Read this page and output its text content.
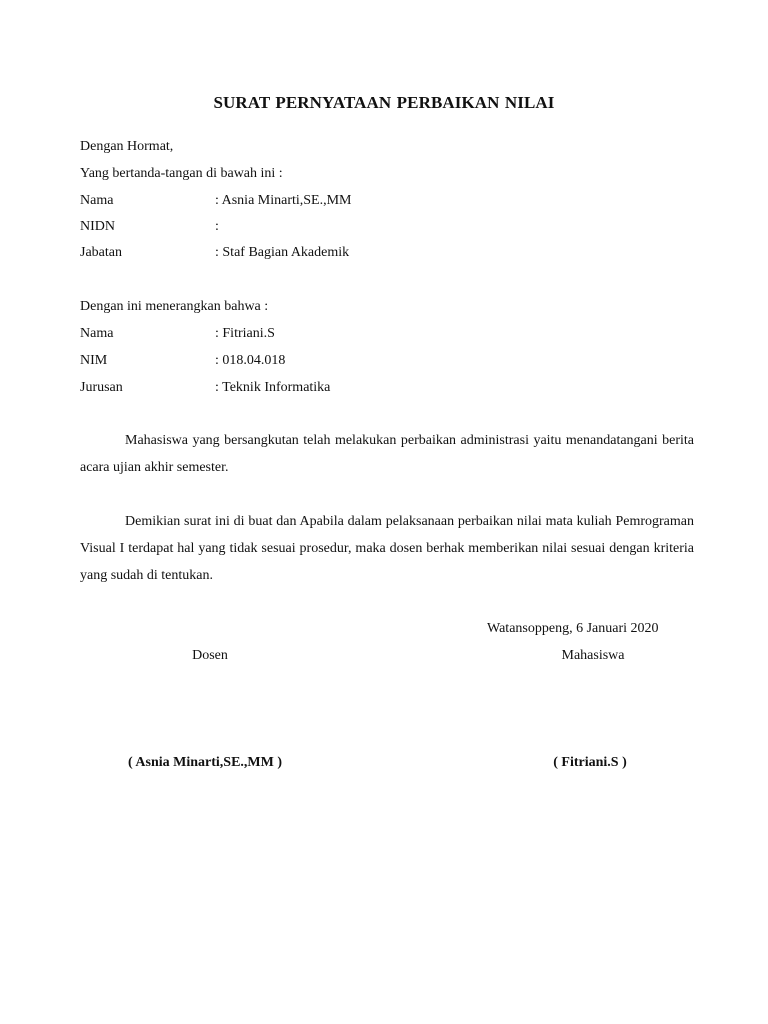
SURAT PERNYATAAN PERBAIKAN NILAI
Dengan Hormat,
Yang bertanda-tangan di bawah ini :
Nama	: Asnia Minarti,SE.,MM
NIDN	:
Jabatan	: Staf Bagian Akademik
Dengan ini menerangkan bahwa :
Nama	: Fitriani.S
NIM	: 018.04.018
Jurusan	: Teknik Informatika
Mahasiswa yang bersangkutan telah melakukan perbaikan administrasi yaitu menandatangani berita acara ujian akhir semester.
Demikian surat ini di buat dan Apabila dalam pelaksanaan perbaikan nilai mata kuliah Pemrograman Visual I terdapat hal yang tidak sesuai prosedur, maka dosen berhak memberikan nilai sesuai dengan kriteria yang sudah di tentukan.
Watansoppeng, 6 Januari 2020
Dosen	Mahasiswa
( Asnia Minarti,SE.,MM )	( Fitriani.S )
